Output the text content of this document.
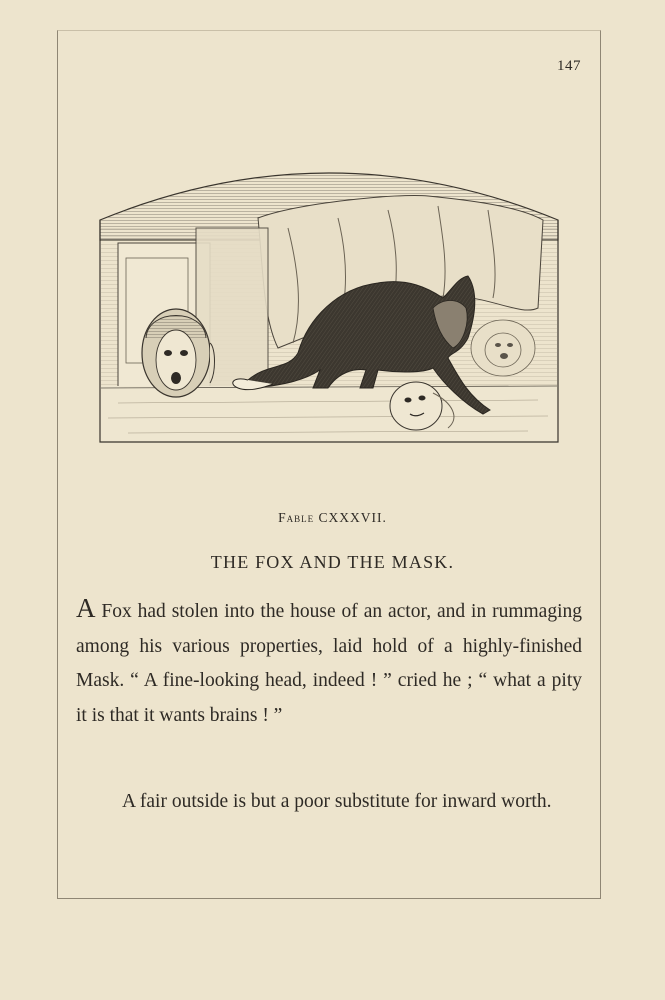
147
Fable CXXXVII.
THE FOX AND THE MASK.

A Fox had stolen into the house of an actor, and in rummaging among his various properties, laid hold of a highly-finished Mask. “ A fine-looking head, indeed ! ” cried he ; “ what a pity it is that it wants brains ! ”

A fair outside is but a poor substitute for inward worth.
